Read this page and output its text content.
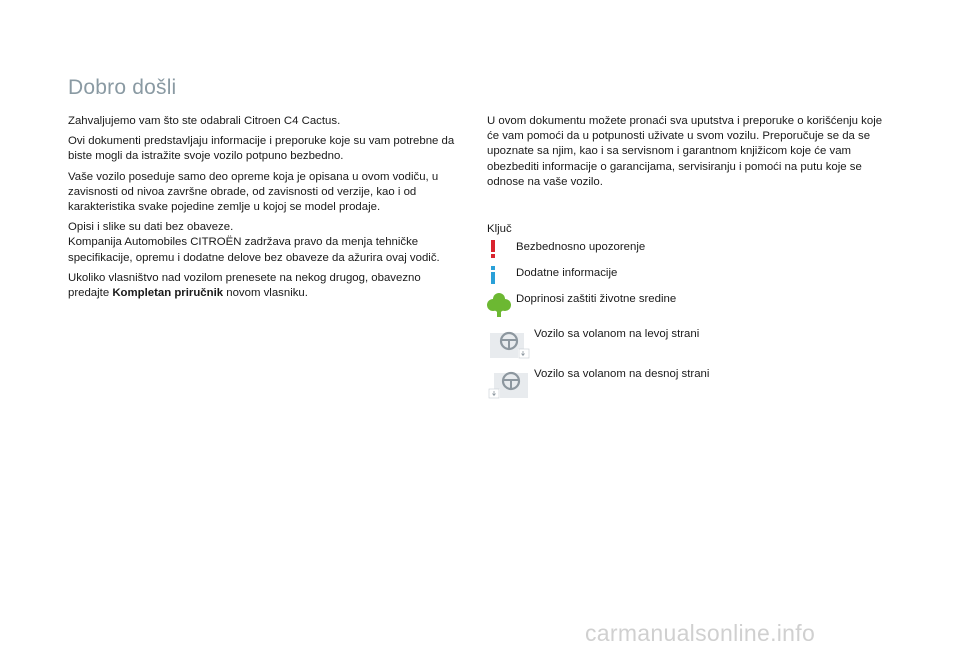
Dobro došli

Zahvaljujemo vam što ste odabrali Citroen C4 Cactus.

Ovi dokumenti predstavljaju informacije i preporuke koje su vam potrebne da biste mogli da istražite svoje vozilo potpuno bezbedno.

Vaše vozilo poseduje samo deo opreme koja je opisana u ovom vodiču, u zavisnosti od nivoa završne obrade, od zavisnosti od verzije, kao i od karakteristika svake pojedine zemlje u kojoj se model prodaje.

Opisi i slike su dati bez obaveze.
Kompanija Automobiles CITROËN zadržava pravo da menja tehničke specifikacije, opremu i dodatne delove bez obaveze da ažurira ovaj vodič.

Ukoliko vlasništvo nad vozilom prenesete na nekog drugog, obavezno predajte Kompletan priručnik novom vlasniku.

U ovom dokumentu možete pronaći sva uputstva i preporuke o korišćenju koje će vam pomoći da u potpunosti uživate u svom vozilu. Preporučuje se da se upoznate sa njim, kao i sa servisnom i garantnom knjižicom koje će vam obezbediti informacije o garancijama, servisiranju i pomoći na putu koje se odnose na vaše vozilo.

Ključ
Bezbednosno upozorenje
Dodatne informacije
Doprinosi zaštiti životne sredine
Vozilo sa volanom na levoj strani
Vozilo sa volanom na desnoj strani
carmanualsonline.info
